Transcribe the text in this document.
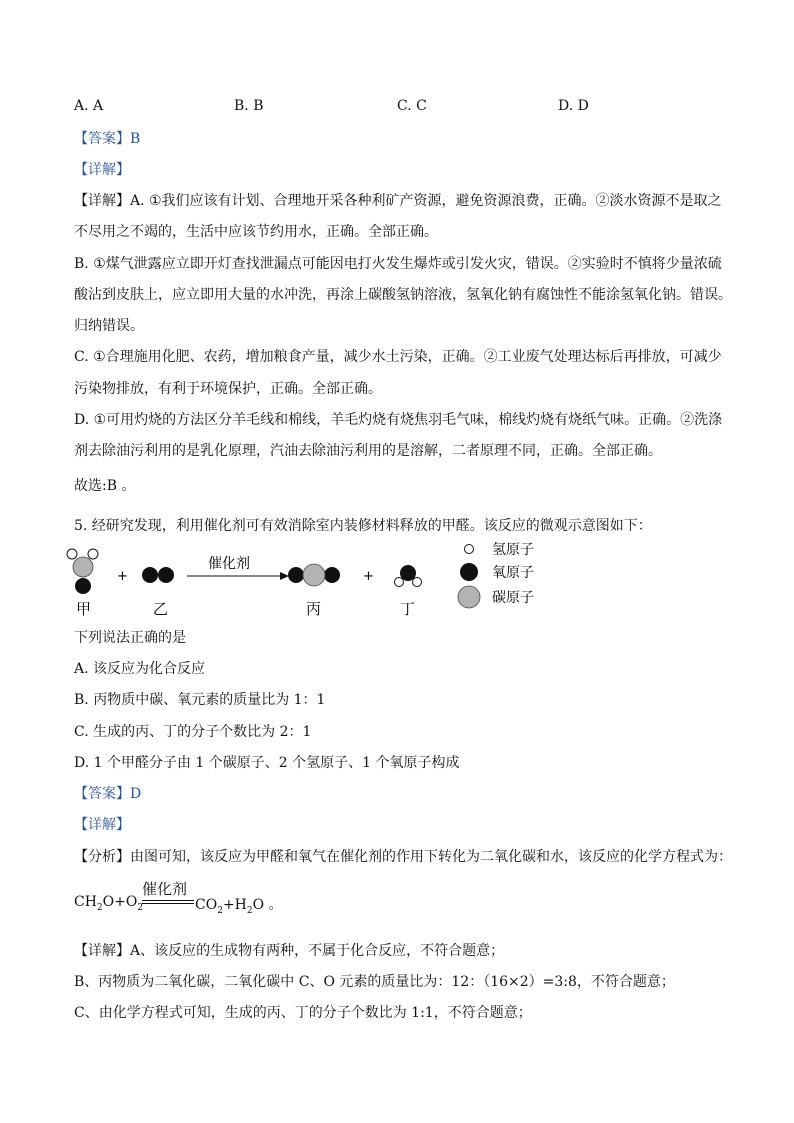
A. A	B. B	C. C	D. D
【答案】B
【详解】
【详解】A. ①我们应该有计划、合理地开采各种利矿产资源，避免资源浪费，正确。②淡水资源不是取之
不尽用之不竭的，生活中应该节约用水，正确。全部正确。
B. ①煤气泄露应立即开灯查找泄漏点可能因电打火发生爆炸或引发火灾，错误。②实验时不慎将少量浓硫
酸沾到皮肤上，应立即用大量的水冲洗，再涂上碳酸氢钠溶液，氢氧化钠有腐蚀性不能涂氢氧化钠。错误。
归纳错误。
C. ①合理施用化肥、农药，增加粮食产量，减少水土污染，正确。②工业废气处理达标后再排放，可减少
污染物排放，有利于环境保护，正确。全部正确。
D. ①可用灼烧的方法区分羊毛线和棉线，羊毛灼烧有烧焦羽毛气味，棉线灼烧有烧纸气味。正确。②洗涤
剂去除油污利用的是乳化原理，汽油去除油污利用的是溶解，二者原理不同，正确。全部正确。
故选:B 。
5. 经研究发现，利用催化剂可有效消除室内装修材料释放的甲醛。该反应的微观示意图如下：
+
催化剂
+
甲	乙	丙	丁
氢原子
氧原子
碳原子
下列说法正确的是
A. 该反应为化合反应
B. 丙物质中碳、氧元素的质量比为 1：1
C. 生成的丙、丁的分子个数比为 2：1
D. 1 个甲醛分子由 1 个碳原子、2 个氢原子、1 个氧原子构成
【答案】D
【详解】
【分析】由图可知，该反应为甲醛和氧气在催化剂的作用下转化为二氧化碳和水，该反应的化学方程式为：
$CH_2O+O_2$
催化剂
$CO_2+H_2O$ 。
【详解】A、该反应的生成物有两种，不属于化合反应，不符合题意；
B、丙物质为二氧化碳，二氧化碳中 C、O 元素的质量比为：12：（16×2）=3:8，不符合题意；
C、由化学方程式可知，生成的丙、丁的分子个数比为 1:1，不符合题意；
